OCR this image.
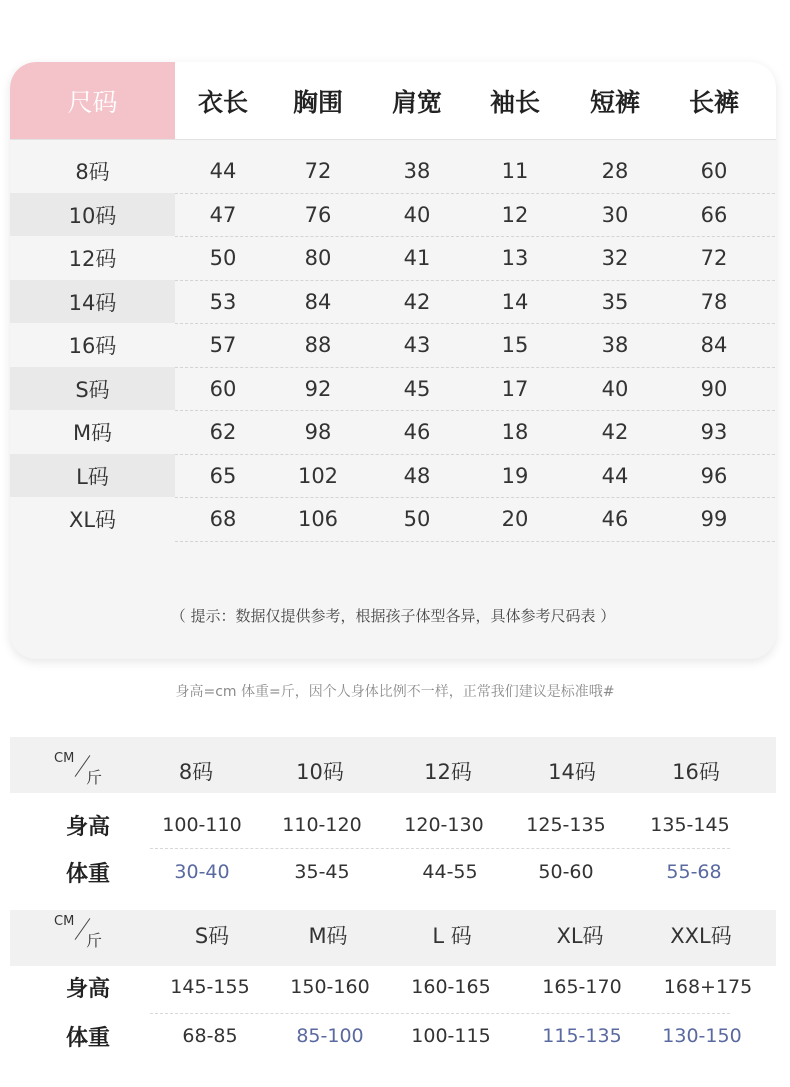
尺码	衣长	胸围	肩宽	袖长	短裤	长裤
8码	44	72	38	11	28	60
10码	47	76	40	12	30	66
12码	50	80	41	13	32	72
14码	53	84	42	14	35	78
16码	57	88	43	15	38	84
S码	60	92	45	17	40	90
M码	62	98	46	18	42	93
L码	65	102	48	19	44	96
XL码	68	106	50	20	46	99
（ 提示：数据仅提供参考，根据孩子体型各异，具体参考尺码表 ）
身高=cm 体重=斤，因个人身体比例不一样，正常我们建议是标准哦#
CM
斤	8码	10码	12码	14码	16码
身高	100-110	110-120	120-130	125-135	135-145
体重	30-40	35-45	44-55	50-60	55-68
CM
斤	S码	M码	L 码	XL码	XXL码
身高	145-155	150-160	160-165	165-170	168+175
体重	68-85	85-100	100-115	115-135	130-150
